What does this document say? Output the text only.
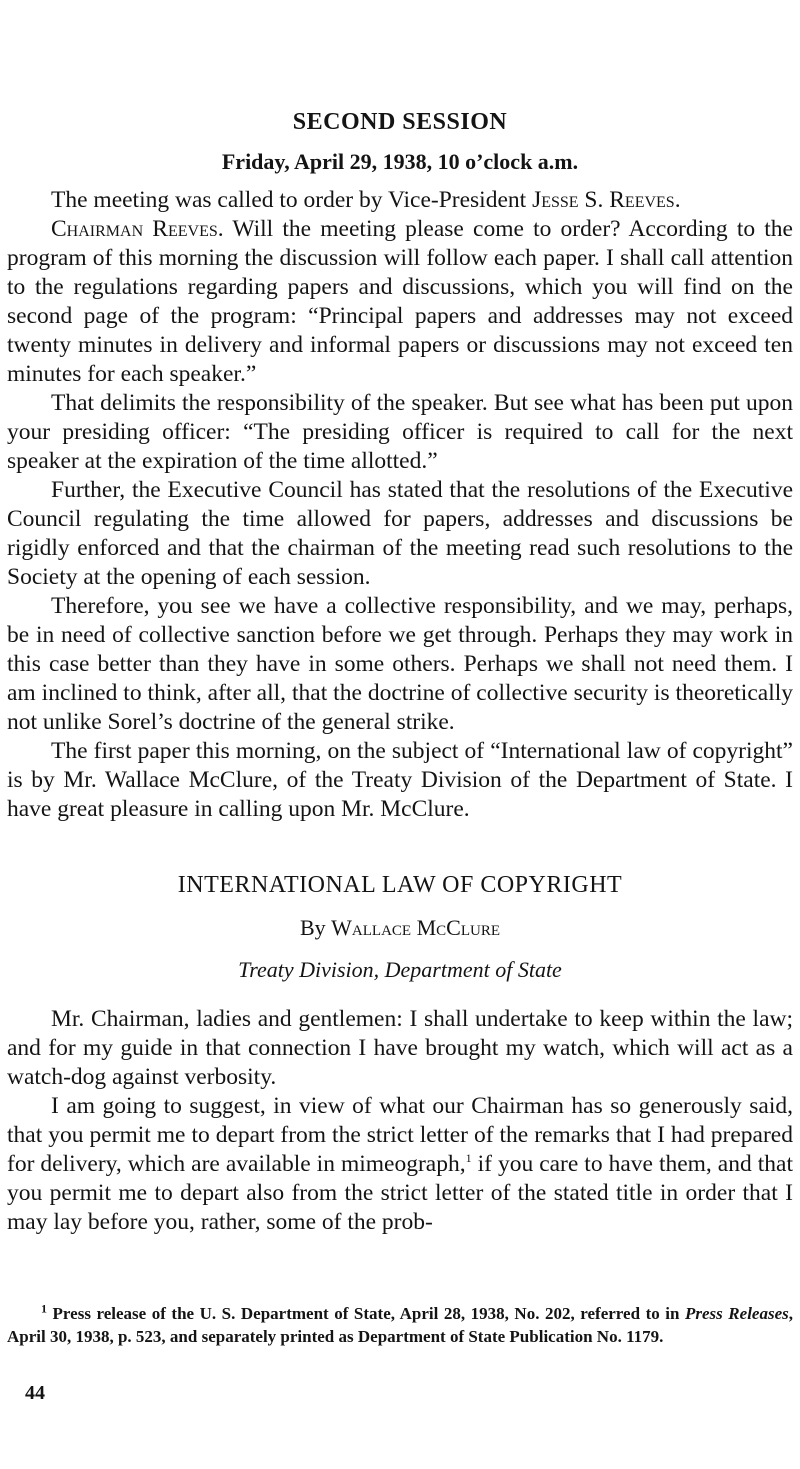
SECOND SESSION
Friday, April 29, 1938, 10 o’clock a.m.

The meeting was called to order by Vice-President Jesse S. Reeves.

Chairman Reeves. Will the meeting please come to order? According to the program of this morning the discussion will follow each paper. I shall call attention to the regulations regarding papers and discussions, which you will find on the second page of the program: “Principal papers and addresses may not exceed twenty minutes in delivery and informal papers or discussions may not exceed ten minutes for each speaker.”

That delimits the responsibility of the speaker. But see what has been put upon your presiding officer: “The presiding officer is required to call for the next speaker at the expiration of the time allotted.”

Further, the Executive Council has stated that the resolutions of the Executive Council regulating the time allowed for papers, addresses and discussions be rigidly enforced and that the chairman of the meeting read such resolutions to the Society at the opening of each session.

Therefore, you see we have a collective responsibility, and we may, perhaps, be in need of collective sanction before we get through. Perhaps they may work in this case better than they have in some others. Perhaps we shall not need them. I am inclined to think, after all, that the doctrine of collective security is theoretically not unlike Sorel’s doctrine of the general strike.

The first paper this morning, on the subject of “International law of copyright” is by Mr. Wallace McClure, of the Treaty Division of the Department of State. I have great pleasure in calling upon Mr. McClure.

INTERNATIONAL LAW OF COPYRIGHT
By Wallace McClure
Treaty Division, Department of State

Mr. Chairman, ladies and gentlemen: I shall undertake to keep within the law; and for my guide in that connection I have brought my watch, which will act as a watch-dog against verbosity.

I am going to suggest, in view of what our Chairman has so generously said, that you permit me to depart from the strict letter of the remarks that I had prepared for delivery, which are available in mimeograph,$^1$ if you care to have them, and that you permit me to depart also from the strict letter of the stated title in order that I may lay before you, rather, some of the prob-

$^1$ Press release of the U. S. Department of State, April 28, 1938, No. 202, referred to in Press Releases, April 30, 1938, p. 523, and separately printed as Department of State Publication No. 1179.
44
